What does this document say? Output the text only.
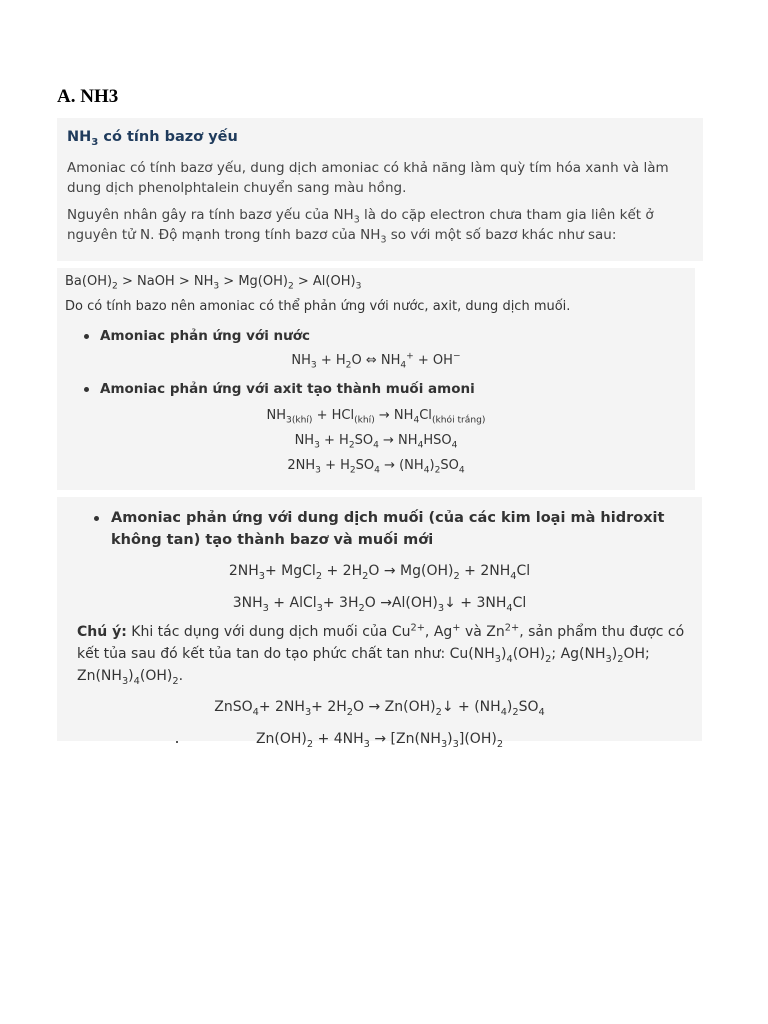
A. NH3
$NH_3$ có tính bazơ yếu

Amoniac có tính bazơ yếu, dung dịch amoniac có khả năng làm quỳ tím hóa xanh và làm dung dịch phenolphtalein chuyển sang màu hồng.

Nguyên nhân gây ra tính bazơ yếu của $NH_3$ là do cặp electron chưa tham gia liên kết ở nguyên tử N. Độ mạnh trong tính bazơ của $NH_3$ so với một số bazơ khác như sau:

$Ba(OH)_2$ > NaOH > $NH_3 > Mg(OH)_2 > Al(OH)_3$

Do có tính bazo nên amoniac có thể phản ứng với nước, axit, dung dịch muối.

Amoniac phản ứng với nước
$NH_3 + H_2O$ ⇔ $NH_4^+ + OH^-$
Amoniac phản ứng với axit tạo thành muối amoni
$NH_{3(khí)} + HCl_{(khí)} \to NH_4Cl_{(khói trắng)}$
$NH_3 + H_2SO_4 \to NH_4HSO_4$
$2NH_3 + H_2SO_4 \to (NH_4)_2SO_4$
Amoniac phản ứng với dung dịch muối (của các kim loại mà hidroxit không tan) tạo thành bazơ và muối mới
$2NH_3+$ MgCl$_2$ + $2H_2O \to Mg(OH)_2 + 2NH_4Cl$
$3NH_3$ + AlCl$_3$+ $3H_2O$ $\to Al(OH)_3↓ + 3NH_4Cl$
Chú ý: Khi tác dụng với dung dịch muối của $Cu^{2+}$, Ag+ và $Zn^{2+}$, sản phẩm thu được có kết tủa sau đó kết tủa tan do tạo phức chất tan như: $Cu(NH_3)_4(OH)_2$; $Ag(NH_3)_2OH$; $Zn(NH_3)_4(OH)_2$.
ZnSO$_4$+ $2NH_3+ 2H_2O$ → $Zn(OH)_2↓ + (NH_4)_2SO_4$
$Zn(OH)_2 + 4NH_3 \to [Zn(NH_3)_3](OH)_2$
